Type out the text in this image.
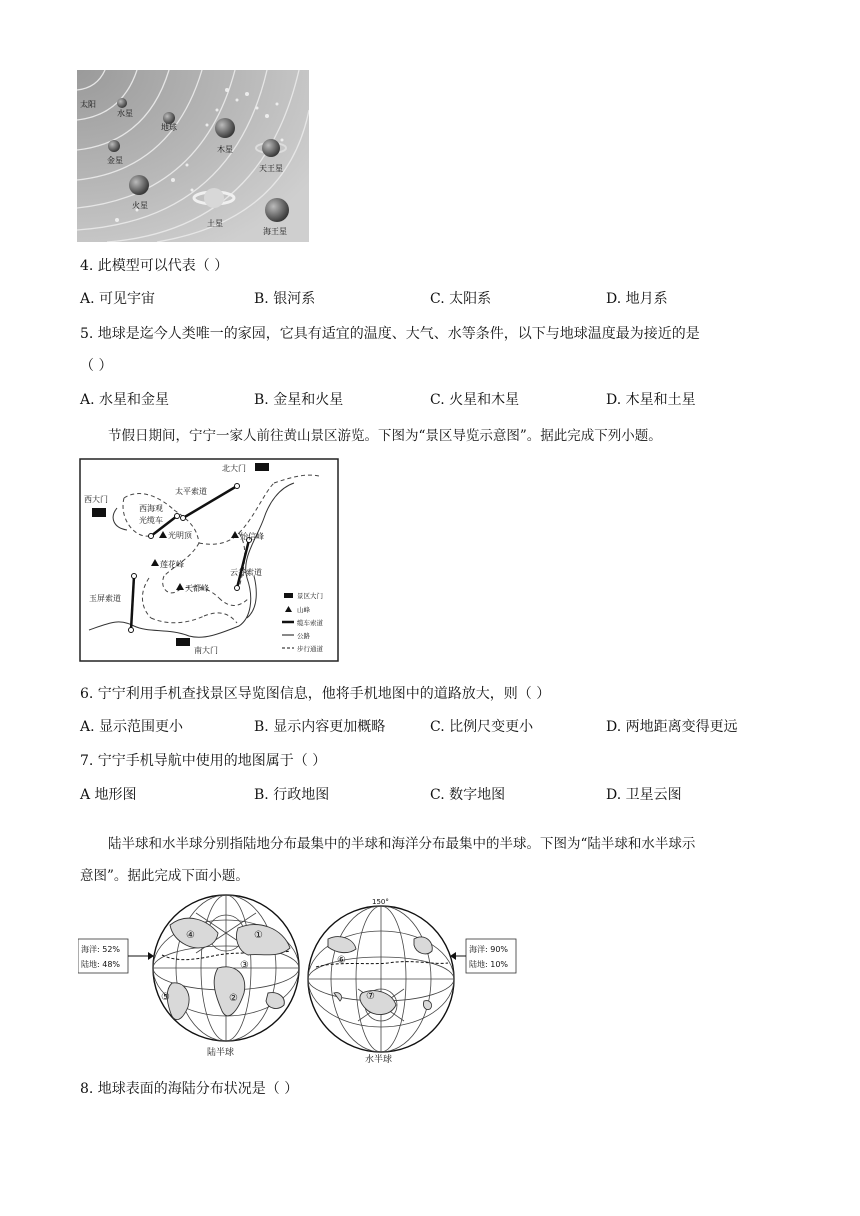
太阳
水星
地球
金星
木星
天王星
火星
土星
海王星
4. 此模型可以代表（ ）
A. 可见宇宙	B. 银河系	C. 太阳系	D. 地月系
5. 地球是迄今人类唯一的家园，它具有适宜的温度、大气、水等条件，以下与地球温度最为接近的是
（ ）
A. 水星和金星	B. 金星和火星	C. 火星和木星	D. 木星和土星
节假日期间，宁宁一家人前往黄山景区游览。下图为“景区导览示意图”。据此完成下列小题。
北大门
西大门
南大门
太平索道
西海观
光缆车
光明顶	始信峰
莲花峰
天都峰
云谷索道
玉屏索道	景区大门
山峰
缆车索道
公路
步行通道
6. 宁宁利用手机查找景区导览图信息，他将手机地图中的道路放大，则（ ）
A. 显示范围更小	B. 显示内容更加概略	C. 比例尺变更小	D. 两地距离变得更远
7. 宁宁手机导航中使用的地图属于（ ）
A 地形图	B. 行政地图	C. 数字地图	D. 卫星云图
陆半球和水半球分别指陆地分布最集中的半球和海洋分布最集中的半球。下图为“陆半球和水半球示
意图”。据此完成下面小题。
④	①
③
②
⑤
海洋: 52%
陆地: 48%
陆半球
⑥
⑦
150°
海洋: 90%
陆地: 10%
水半球
8. 地球表面的海陆分布状况是（ ）
